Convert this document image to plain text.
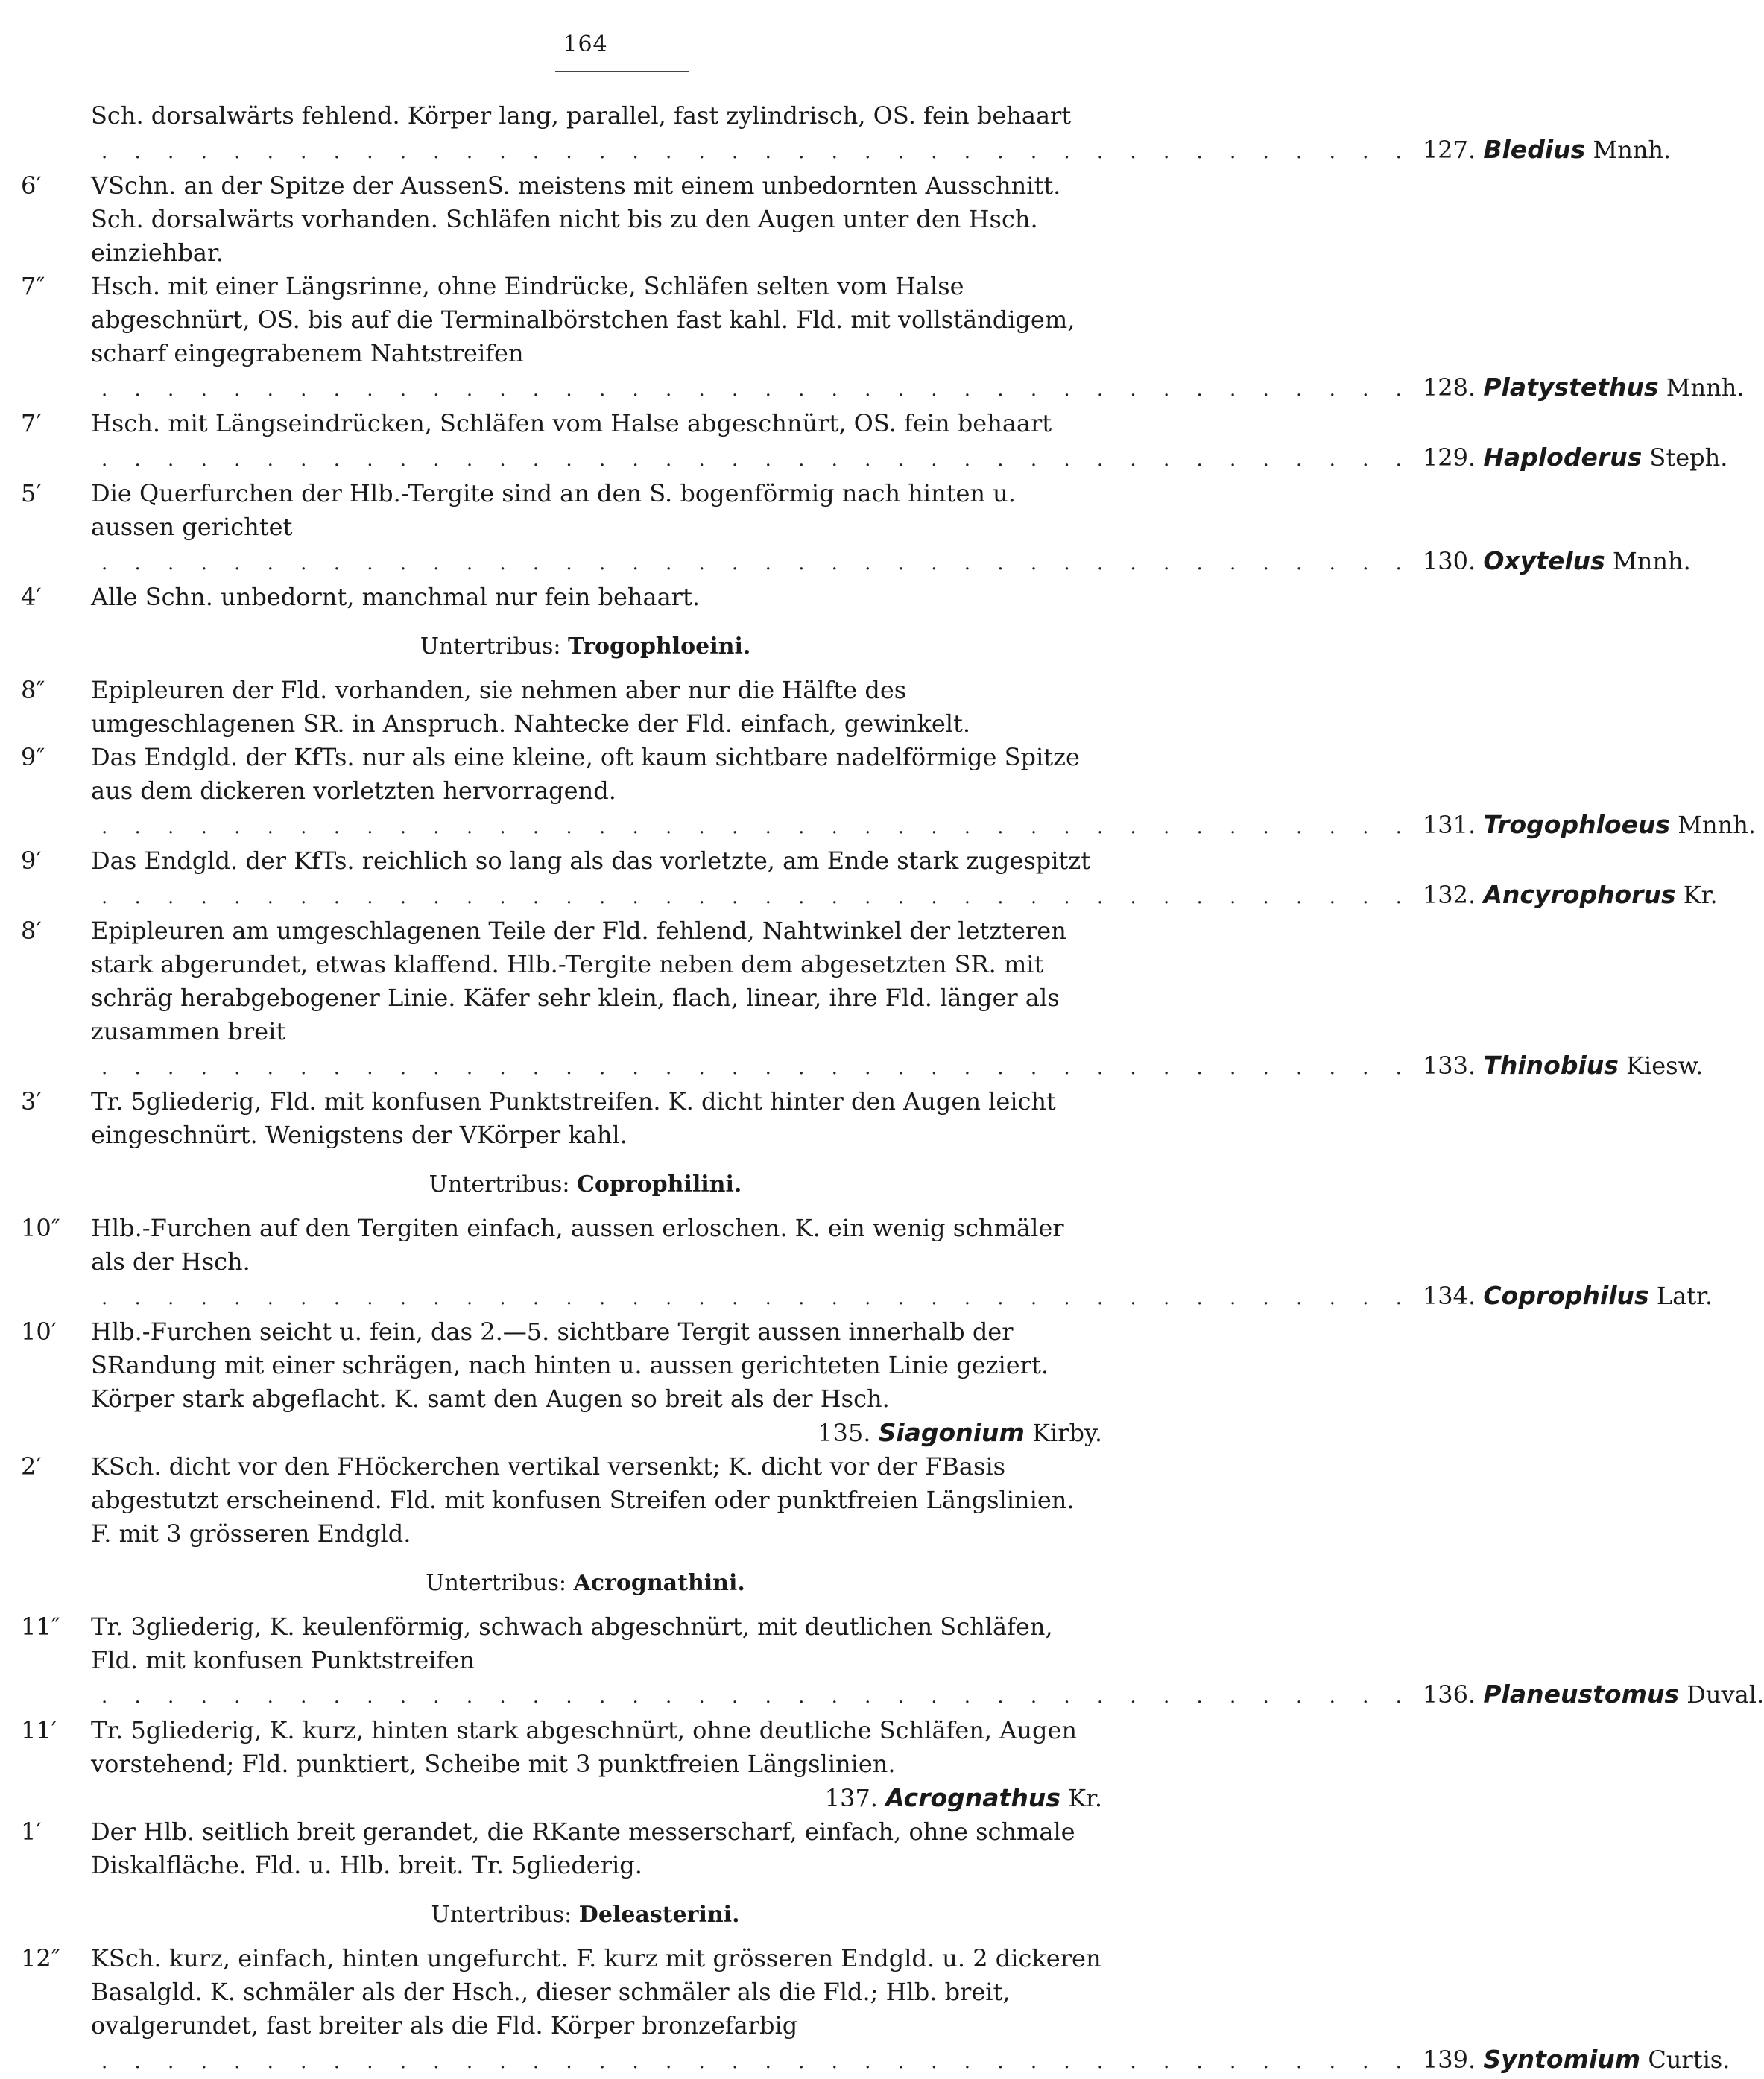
164
Sch. dorsalwärts fehlend. Körper lang, parallel, fast zylindrisch, OS. fein behaart
. . . . . . . . . . . . . . . . . . . . . . . . . . . . . . . . . . . . . . . . 127. Bledius Mnnh.
6′	VSchn. an der Spitze der AussenS. meistens mit einem unbedornten Ausschnitt. Sch. dorsalwärts vorhanden. Schläfen nicht bis zu den Augen unter den Hsch. einziehbar.
7″	Hsch. mit einer Längsrinne, ohne Eindrücke, Schläfen selten vom Halse abgeschnürt, OS. bis auf die Terminalbörstchen fast kahl. Fld. mit vollständigem, scharf eingegrabenem Nahtstreifen
. . . . . . . . . . . . . . . . . . . . . . . . . . . . . . . . . . . . . . . . 128. Platystethus Mnnh.
7′	Hsch. mit Längseindrücken, Schläfen vom Halse abgeschnürt, OS. fein behaart
. . . . . . . . . . . . . . . . . . . . . . . . . . . . . . . . . . . . . . . . 129. Haploderus Steph.
5′	Die Querfurchen der Hlb.-Tergite sind an den S. bogenförmig nach hinten u. aussen gerichtet
. . . . . . . . . . . . . . . . . . . . . . . . . . . . . . . . . . . . . . . . 130. Oxytelus Mnnh.
4′	Alle Schn. unbedornt, manchmal nur fein behaart.
Untertribus: Trogophloeini.
8″	Epipleuren der Fld. vorhanden, sie nehmen aber nur die Hälfte des umgeschlagenen SR. in Anspruch. Nahtecke der Fld. einfach, gewinkelt.
9″	Das Endgld. der KfTs. nur als eine kleine, oft kaum sichtbare nadelförmige Spitze aus dem dickeren vorletzten hervorragend.
. . . . . . . . . . . . . . . . . . . . . . . . . . . . . . . . . . . . . . . . 131. Trogophloeus Mnnh.
9′	Das Endgld. der KfTs. reichlich so lang als das vorletzte, am Ende stark zugespitzt
. . . . . . . . . . . . . . . . . . . . . . . . . . . . . . . . . . . . . . . . 132. Ancyrophorus Kr.
8′	Epipleuren am umgeschlagenen Teile der Fld. fehlend, Nahtwinkel der letzteren stark abgerundet, etwas klaffend. Hlb.-Tergite neben dem abgesetzten SR. mit schräg herabgebogener Linie. Käfer sehr klein, flach, linear, ihre Fld. länger als zusammen breit
. . . . . . . . . . . . . . . . . . . . . . . . . . . . . . . . . . . . . . . . 133. Thinobius Kiesw.
3′	Tr. 5gliederig, Fld. mit konfusen Punktstreifen. K. dicht hinter den Augen leicht eingeschnürt. Wenigstens der VKörper kahl.
Untertribus: Coprophilini.
10″	Hlb.-Furchen auf den Tergiten einfach, aussen erloschen. K. ein wenig schmäler als der Hsch.
. . . . . . . . . . . . . . . . . . . . . . . . . . . . . . . . . . . . . . . . 134. Coprophilus Latr.
10′	Hlb.-Furchen seicht u. fein, das 2.—5. sichtbare Tergit aussen innerhalb der SRandung mit einer schrägen, nach hinten u. aussen gerichteten Linie geziert. Körper stark abgeflacht. K. samt den Augen so breit als der Hsch.
135. Siagonium Kirby.
2′	KSch. dicht vor den FHöckerchen vertikal versenkt; K. dicht vor der FBasis abgestutzt erscheinend. Fld. mit konfusen Streifen oder punktfreien Längslinien. F. mit 3 grösseren Endgld.
Untertribus: Acrognathini.
11″	Tr. 3gliederig, K. keulenförmig, schwach abgeschnürt, mit deutlichen Schläfen, Fld. mit konfusen Punktstreifen
. . . . . . . . . . . . . . . . . . . . . . . . . . . . . . . . . . . . . . . . 136. Planeustomus Duval.
11′	Tr. 5gliederig, K. kurz, hinten stark abgeschnürt, ohne deutliche Schläfen, Augen vorstehend; Fld. punktiert, Scheibe mit 3 punktfreien Längslinien.
137. Acrognathus Kr.
1′	Der Hlb. seitlich breit gerandet, die RKante messerscharf, einfach, ohne schmale Diskalfläche. Fld. u. Hlb. breit. Tr. 5gliederig.
Untertribus: Deleasterini.
12″	KSch. kurz, einfach, hinten ungefurcht. F. kurz mit grösseren Endgld. u. 2 dickeren Basalgld. K. schmäler als der Hsch., dieser schmäler als die Fld.; Hlb. breit, ovalgerundet, fast breiter als die Fld. Körper bronzefarbig
. . . . . . . . . . . . . . . . . . . . . . . . . . . . . . . . . . . . . . . . 139. Syntomium Curtis.
